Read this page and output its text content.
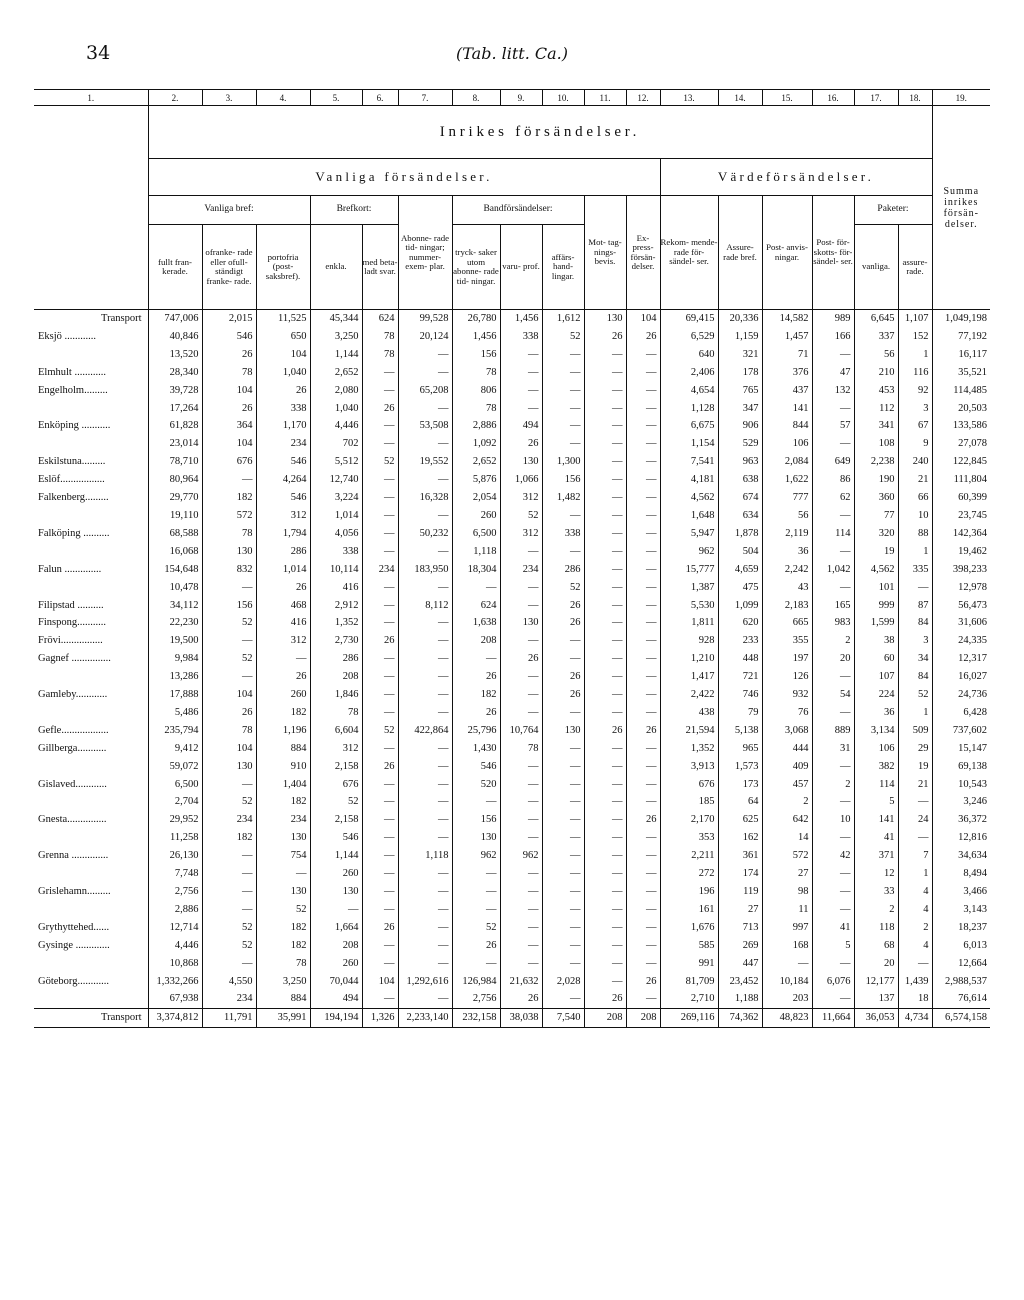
34	(Tab. litt. Ca.)
1.	2.	3.	4.	5.	6.	7.	8.	9.	10.	11.	12.	13.	14.	15.	16.	17.	18.	19.
	Inrikes försändelser.																	Summa inrikes försän- delser.
	Vanliga försändelser.											Värdeförsändelser.						
	Vanliga bref:			Brefkort:		Abonne- rade tid- ningar; nummer- exem- plar.	Bandförsändelser:			Mot- tag- nings- bevis.	Ex- press- försän- delser.	Rekom- mende- rade för- sändel- ser.	Assure- rade bref.	Post- anvis- ningar.	Post- för- skotts- för- sändel- ser.	Paketer:		
	fullt fran- kerade.	ofranke- rade eller ofull- ständigt franke- rade.	portofria (post- saksbref).	enkla.	med beta- ladt svar.		tryck- saker utom abonne- rade tid- ningar.	varu- prof.	affärs- hand- lingar.							vanliga.	assure- rade.	
Transport	747,006	2,015	11,525	45,344	624	99,528	26,780	1,456	1,612	130	104	69,415	20,336	14,582	989	6,645	1,107	1,049,198
Eksjö ............	40,846	546	650	3,250	78	20,124	1,456	338	52	26	26	6,529	1,159	1,457	166	337	152	77,192
	13,520	26	104	1,144	78	—	156	—	—	—	—	640	321	71	—	56	1	16,117
Elmhult ............	28,340	78	1,040	2,652	—	—	78	—	—	—	—	2,406	178	376	47	210	116	35,521
Engelholm.........	39,728	104	26	2,080	—	65,208	806	—	—	—	—	4,654	765	437	132	453	92	114,485
	17,264	26	338	1,040	26	—	78	—	—	—	—	1,128	347	141	—	112	3	20,503
Enköping ...........	61,828	364	1,170	4,446	—	53,508	2,886	494	—	—	—	6,675	906	844	57	341	67	133,586
	23,014	104	234	702	—	—	1,092	26	—	—	—	1,154	529	106	—	108	9	27,078
Eskilstuna.........	78,710	676	546	5,512	52	19,552	2,652	130	1,300	—	—	7,541	963	2,084	649	2,238	240	122,845
Eslöf.................	80,964	—	4,264	12,740	—	—	5,876	1,066	156	—	—	4,181	638	1,622	86	190	21	111,804
Falkenberg.........	29,770	182	546	3,224	—	16,328	2,054	312	1,482	—	—	4,562	674	777	62	360	66	60,399
	19,110	572	312	1,014	—	—	260	52	—	—	—	1,648	634	56	—	77	10	23,745
Falköping ..........	68,588	78	1,794	4,056	—	50,232	6,500	312	338	—	—	5,947	1,878	2,119	114	320	88	142,364
	16,068	130	286	338	—	—	1,118	—	—	—	—	962	504	36	—	19	1	19,462
Falun ..............	154,648	832	1,014	10,114	234	183,950	18,304	234	286	—	—	15,777	4,659	2,242	1,042	4,562	335	398,233
	10,478	—	26	416	—	—	—	—	52	—	—	1,387	475	43	—	101	—	12,978
Filipstad ..........	34,112	156	468	2,912	—	8,112	624	—	26	—	—	5,530	1,099	2,183	165	999	87	56,473
Finspong...........	22,230	52	416	1,352	—	—	1,638	130	26	—	—	1,811	620	665	983	1,599	84	31,606
Frövi................	19,500	—	312	2,730	26	—	208	—	—	—	—	928	233	355	2	38	3	24,335
Gagnef ...............	9,984	52	—	286	—	—	—	26	—	—	—	1,210	448	197	20	60	34	12,317
	13,286	—	26	208	—	—	26	—	26	—	—	1,417	721	126	—	107	84	16,027
Gamleby............	17,888	104	260	1,846	—	—	182	—	26	—	—	2,422	746	932	54	224	52	24,736
	5,486	26	182	78	—	—	26	—	—	—	—	438	79	76	—	36	1	6,428
Gefle..................	235,794	78	1,196	6,604	52	422,864	25,796	10,764	130	26	26	21,594	5,138	3,068	889	3,134	509	737,602
Gillberga...........	9,412	104	884	312	—	—	1,430	78	—	—	—	1,352	965	444	31	106	29	15,147
	59,072	130	910	2,158	26	—	546	—	—	—	—	3,913	1,573	409	—	382	19	69,138
Gislaved............	6,500	—	1,404	676	—	—	520	—	—	—	—	676	173	457	2	114	21	10,543
	2,704	52	182	52	—	—	—	—	—	—	—	185	64	2	—	5	—	3,246
Gnesta...............	29,952	234	234	2,158	—	—	156	—	—	—	26	2,170	625	642	10	141	24	36,372
	11,258	182	130	546	—	—	130	—	—	—	—	353	162	14	—	41	—	12,816
Grenna ..............	26,130	—	754	1,144	—	1,118	962	962	—	—	—	2,211	361	572	42	371	7	34,634
	7,748	—	—	260	—	—	—	—	—	—	—	272	174	27	—	12	1	8,494
Grislehamn.........	2,756	—	130	130	—	—	—	—	—	—	—	196	119	98	—	33	4	3,466
	2,886	—	52	—	—	—	—	—	—	—	—	161	27	11	—	2	4	3,143
Grythyttehed......	12,714	52	182	1,664	26	—	52	—	—	—	—	1,676	713	997	41	118	2	18,237
Gysinge .............	4,446	52	182	208	—	—	26	—	—	—	—	585	269	168	5	68	4	6,013
	10,868	—	78	260	—	—	—	—	—	—	—	991	447	—	—	20	—	12,664
Göteborg............	1,332,266	4,550	3,250	70,044	104	1,292,616	126,984	21,632	2,028	—	26	81,709	23,452	10,184	6,076	12,177	1,439	2,988,537
	67,938	234	884	494	—	—	2,756	26	—	26	—	2,710	1,188	203	—	137	18	76,614
Transport	3,374,812	11,791	35,991	194,194	1,326	2,233,140	232,158	38,038	7,540	208	208	269,116	74,362	48,823	11,664	36,053	4,734	6,574,158
